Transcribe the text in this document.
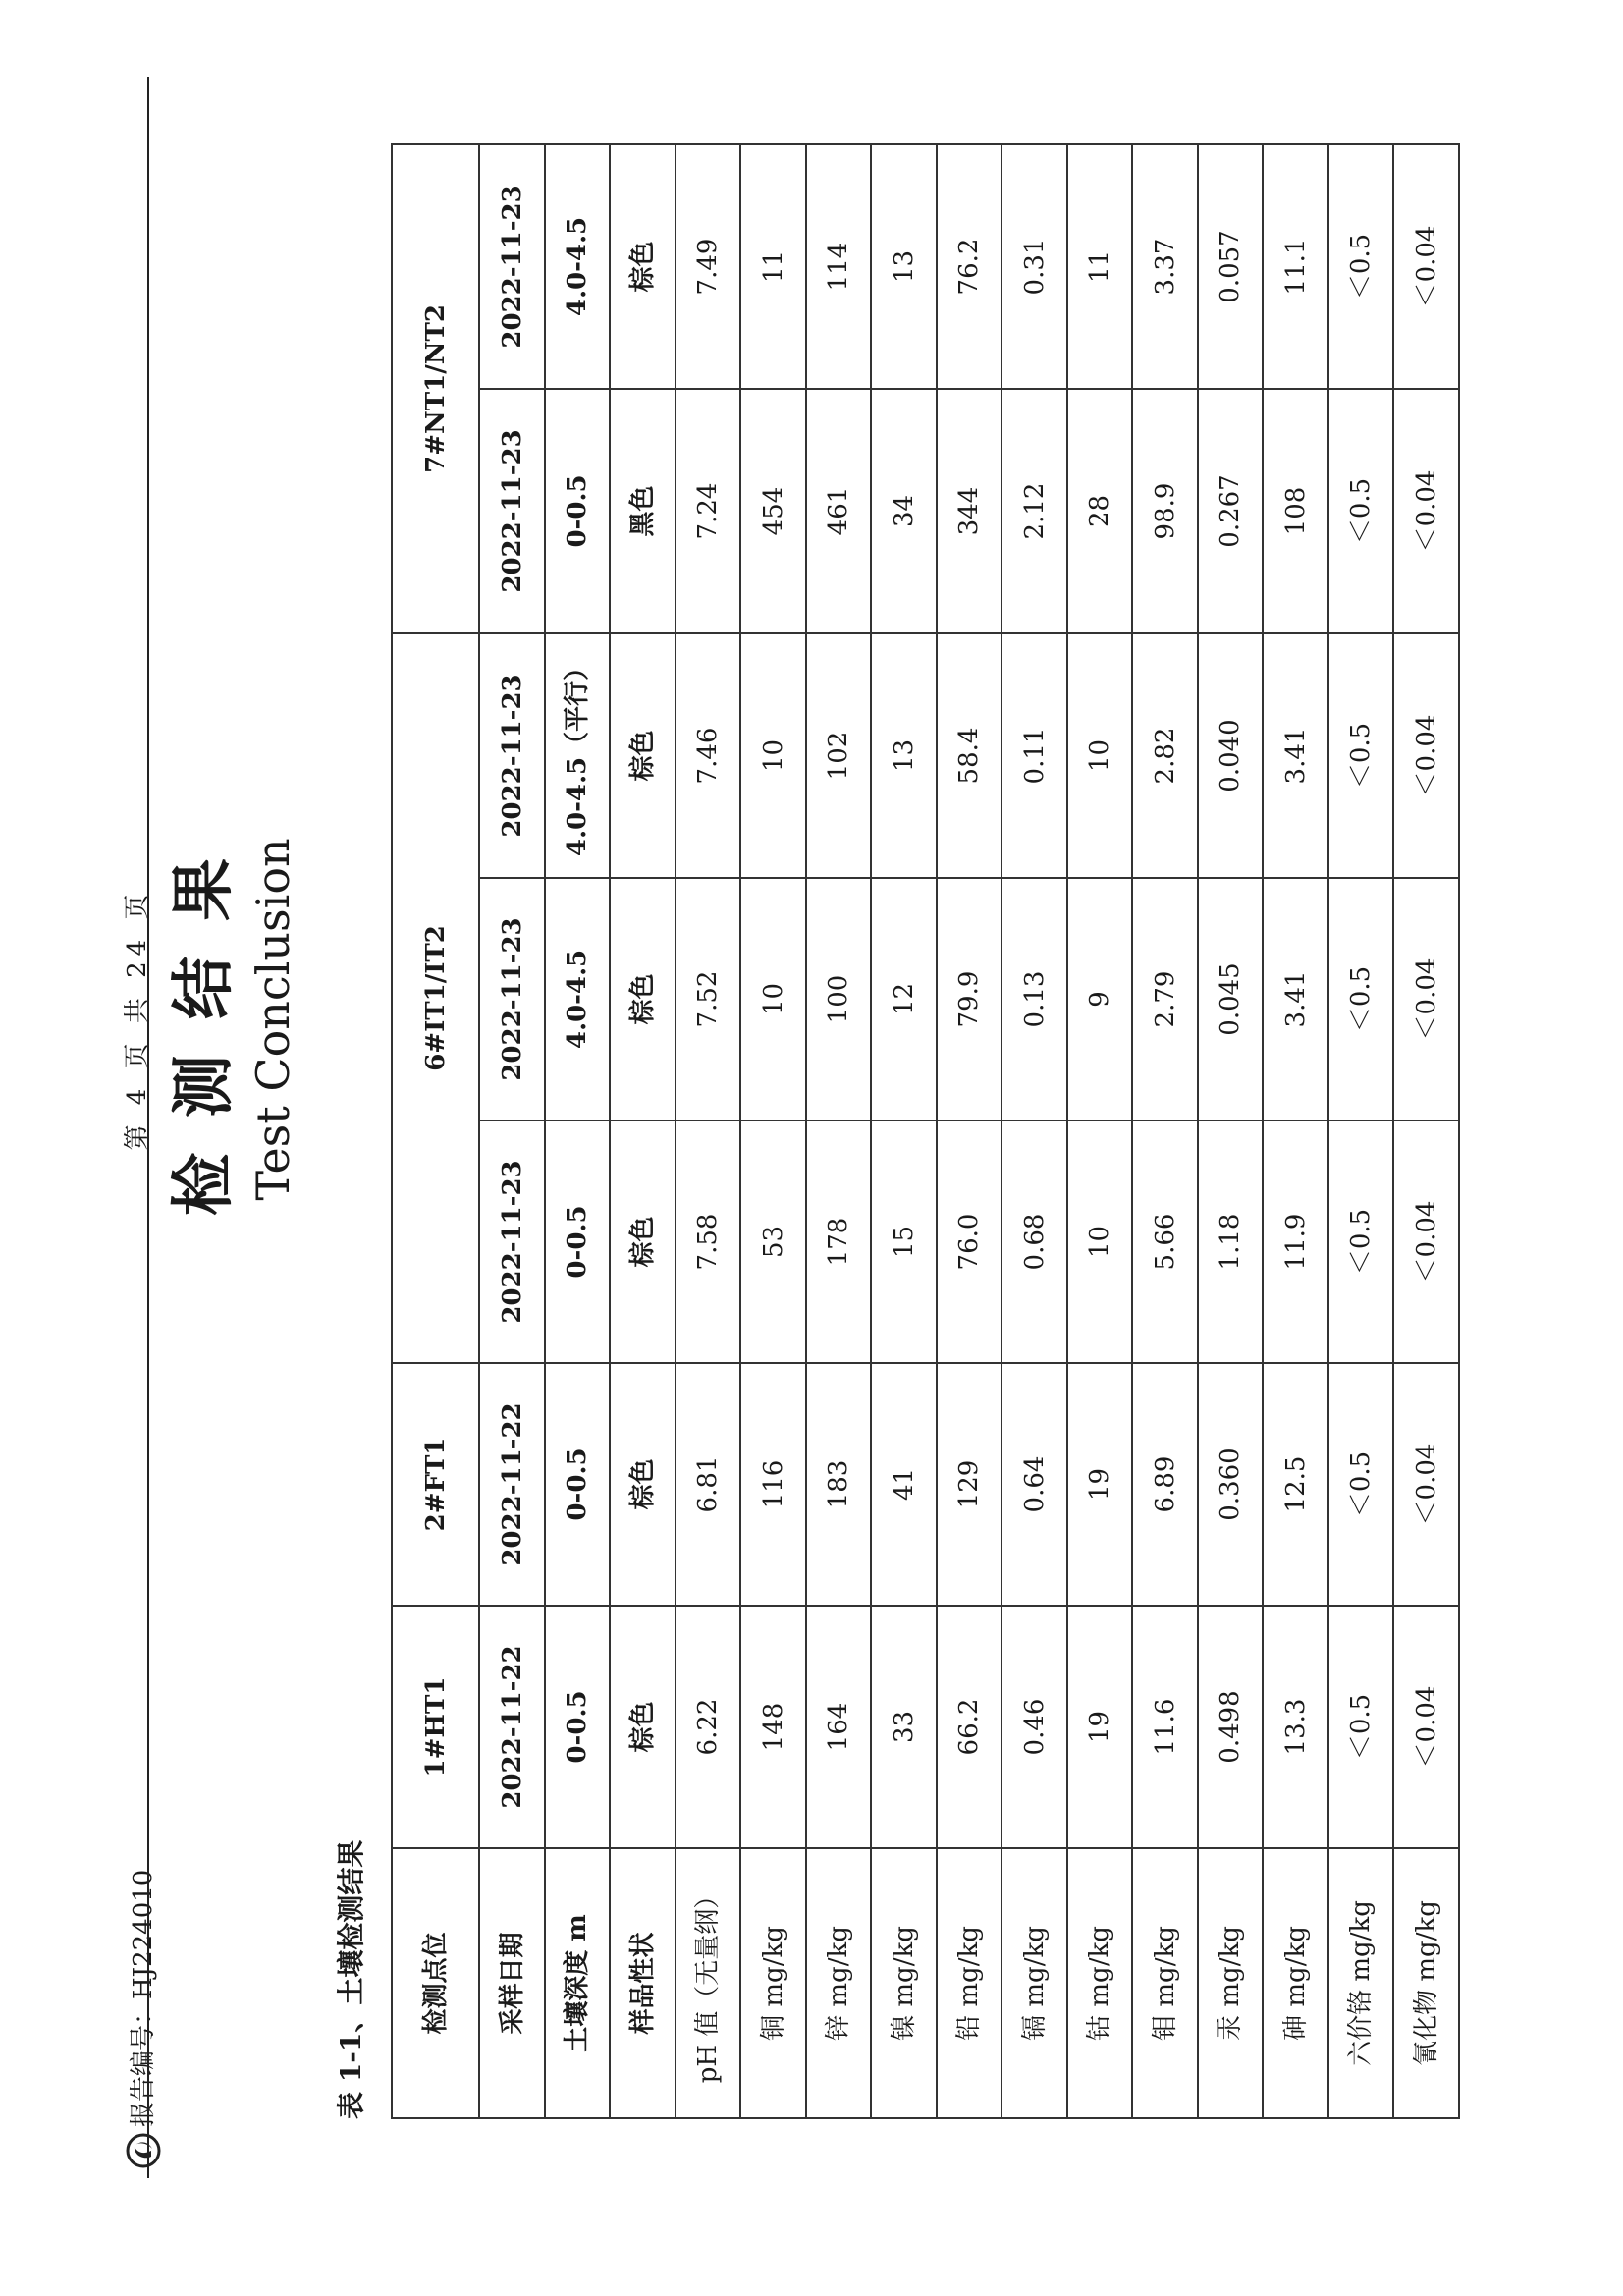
报告编号：HJ224010
第 4 页 共 24 页 检测结果 Test Conclusion
表 1-1、土壤检测结果 检测点位	1#HT1	2#FT1	6#IT1/IT2			7#NT1/NT2	
采样日期	2022-11-22	2022-11-22	2022-11-23	2022-11-23	2022-11-23	2022-11-23	2022-11-23
土壤深度 m	0-0.5	0-0.5	0-0.5	4.0-4.5	4.0-4.5（平行）	0-0.5	4.0-4.5
样品性状	棕色	棕色	棕色	棕色	棕色	黑色	棕色
pH 值（无量纲）	6.22	6.81	7.58	7.52	7.46	7.24	7.49
铜 mg/kg	148	116	53	10	10	454	11
锌 mg/kg	164	183	178	100	102	461	114
镍 mg/kg	33	41	15	12	13	34	13
铅 mg/kg	66.2	129	76.0	79.9	58.4	344	76.2
镉 mg/kg	0.46	0.64	0.68	0.13	0.11	2.12	0.31
钴 mg/kg	19	19	10	9	10	28	11
钼 mg/kg	11.6	6.89	5.66	2.79	2.82	98.9	3.37
汞 mg/kg	0.498	0.360	1.18	0.045	0.040	0.267	0.057
砷 mg/kg	13.3	12.5	11.9	3.41	3.41	108	11.1
六价铬 mg/kg	＜0.5	＜0.5	＜0.5	＜0.5	＜0.5	＜0.5	＜0.5
氰化物 mg/kg	＜0.04	＜0.04	＜0.04	＜0.04	＜0.04	＜0.04	＜0.04
